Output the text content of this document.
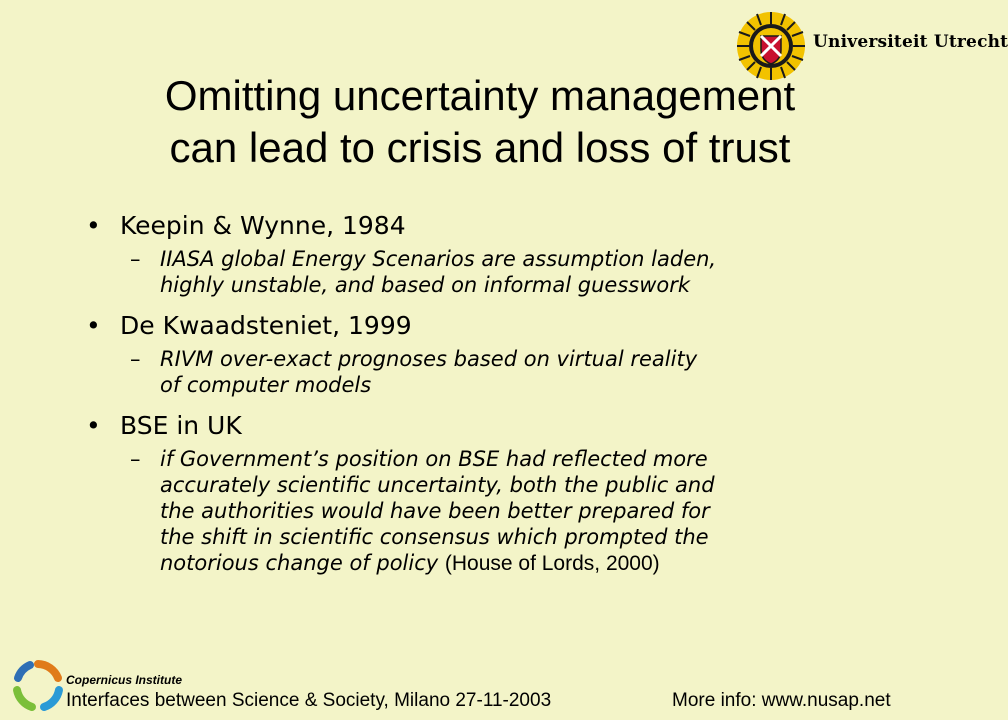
Universiteit Utrecht
Omitting uncertainty management
can lead to crisis and loss of trust
• Keepin & Wynne, 1984
– IIASA global Energy Scenarios are assumption laden,
highly unstable, and based on informal guesswork
• De Kwaadsteniet, 1999
– RIVM over-exact prognoses based on virtual reality
of computer models
• BSE in UK
– if Government’s position on BSE had reflected more
accurately scientific uncertainty, both the public and
the authorities would have been better prepared for
the shift in scientific consensus which prompted the
notorious change of policy (House of Lords, 2000)
Copernicus Institute
Interfaces between Science & Society, Milano 27-11-2003	More info: www.nusap.net
